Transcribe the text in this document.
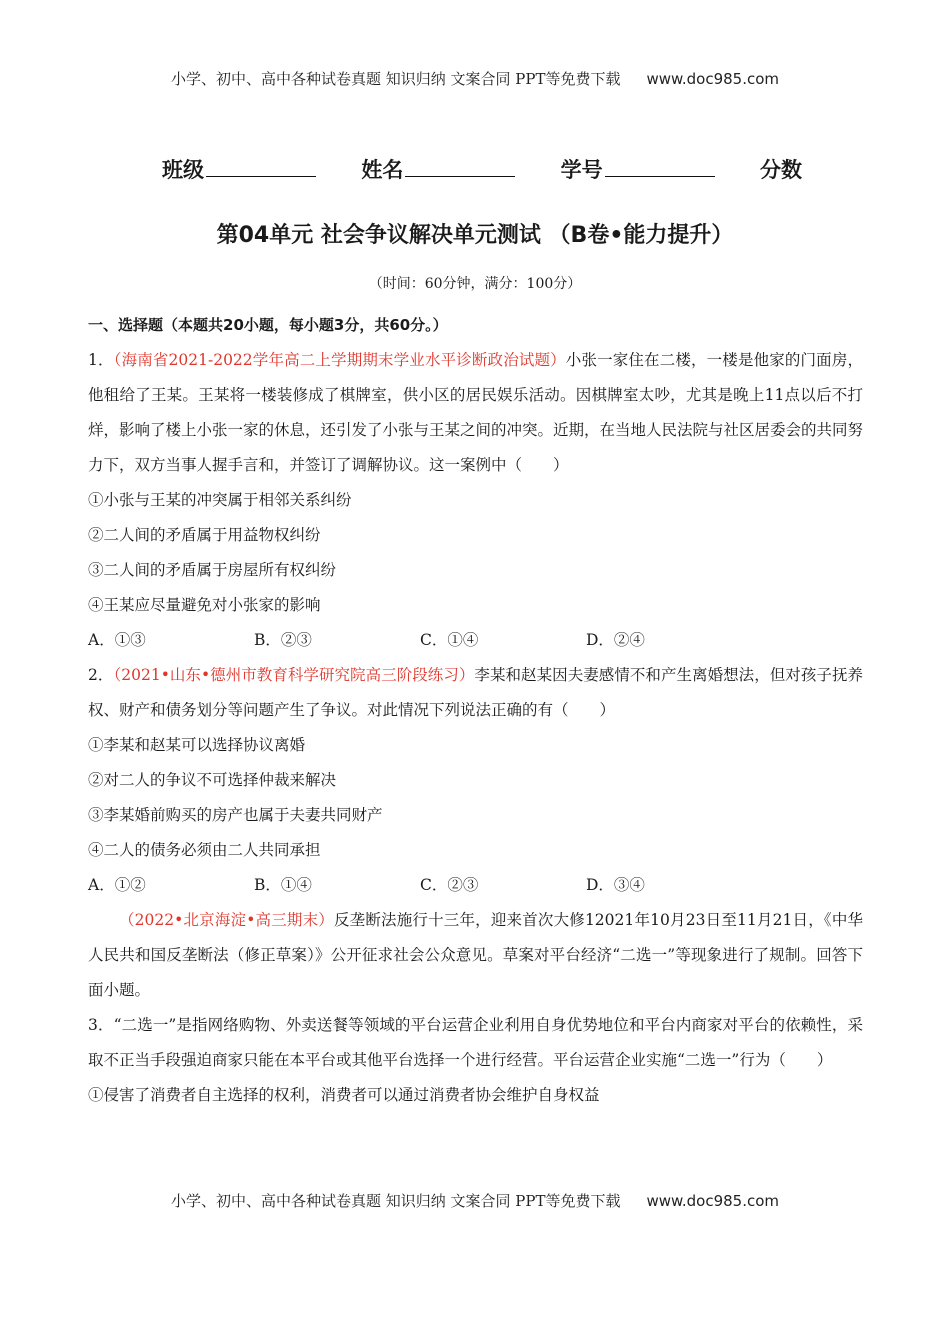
小学、初中、高中各种试卷真题 知识归纳 文案合同 PPT等免费下载 www.doc985.com
班级	姓名	学号	分数
第04单元 社会争议解决单元测试 （B卷•能力提升）
（时间：60分钟，满分：100分）
一、选择题（本题共20小题，每小题3分，共60分。）
1．（海南省2021-2022学年高二上学期期末学业水平诊断政治试题）小张一家住在二楼，一楼是他家的门面房，他租给了王某。王某将一楼装修成了棋牌室，供小区的居民娱乐活动。因棋牌室太吵，尤其是晚上11点以后不打烊，影响了楼上小张一家的休息，还引发了小张与王某之间的冲突。近期，在当地人民法院与社区居委会的共同努力下，双方当事人握手言和，并签订了调解协议。这一案例中（　　）
①小张与王某的冲突属于相邻关系纠纷
②二人间的矛盾属于用益物权纠纷
③二人间的矛盾属于房屋所有权纠纷
④王某应尽量避免对小张家的影响
A．①③	B．②③	C．①④	D．②④
2．（2021•山东•德州市教育科学研究院高三阶段练习）李某和赵某因夫妻感情不和产生离婚想法，但对孩子抚养权、财产和债务划分等问题产生了争议。对此情况下列说法正确的有（　　）
①李某和赵某可以选择协议离婚
②对二人的争议不可选择仲裁来解决
③李某婚前购买的房产也属于夫妻共同财产
④二人的债务必须由二人共同承担
A．①②	B．①④	C．②③	D．③④
（2022•北京海淀•高三期末）反垄断法施行十三年，迎来首次大修12021年10月23日至11月21日，《中华人民共和国反垄断法（修正草案）》公开征求社会公众意见。草案对平台经济“二选一”等现象进行了规制。回答下面小题。
3．“二选一”是指网络购物、外卖送餐等领域的平台运营企业利用自身优势地位和平台内商家对平台的依赖性，采取不正当手段强迫商家只能在本平台或其他平台选择一个进行经营。平台运营企业实施“二选一”行为（　　）
①侵害了消费者自主选择的权利，消费者可以通过消费者协会维护自身权益
小学、初中、高中各种试卷真题 知识归纳 文案合同 PPT等免费下载 www.doc985.com
